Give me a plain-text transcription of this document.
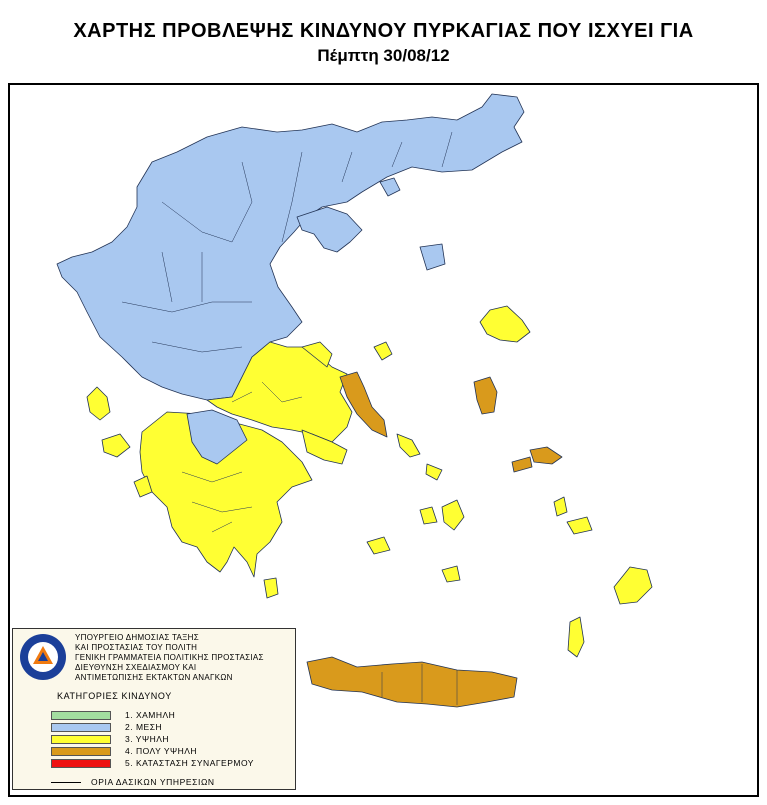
ΧΑΡΤΗΣ ΠΡΟΒΛΕΨΗΣ ΚΙΝΔΥΝΟΥ ΠΥΡΚΑΓΙΑΣ ΠΟΥ ΙΣΧΥΕΙ ΓΙΑ
Πέμπτη 30/08/12
ΥΠΟΥΡΓΕΙΟ ΔΗΜΟΣΙΑΣ ΤΑΞΗΣ
ΚΑΙ ΠΡΟΣΤΑΣΙΑΣ ΤΟΥ ΠΟΛΙΤΗ
ΓΕΝΙΚΗ ΓΡΑΜΜΑΤΕΙΑ ΠΟΛΙΤΙΚΗΣ ΠΡΟΣΤΑΣΙΑΣ
ΔΙΕΥΘΥΝΣΗ ΣΧΕΔΙΑΣΜΟΥ ΚΑΙ
ΑΝΤΙΜΕΤΩΠΙΣΗΣ ΕΚΤΑΚΤΩΝ ΑΝΑΓΚΩΝ
ΚΑΤΗΓΟΡΙΕΣ ΚΙΝΔΥΝΟΥ
1. ΧΑΜΗΛΗ
2. ΜΕΣΗ
3. ΥΨΗΛΗ
4. ΠΟΛΥ ΥΨΗΛΗ
5. ΚΑΤΑΣΤΑΣΗ ΣΥΝΑΓΕΡΜΟΥ
ΟΡΙΑ ΔΑΣΙΚΩΝ ΥΠΗΡΕΣΙΩΝ
